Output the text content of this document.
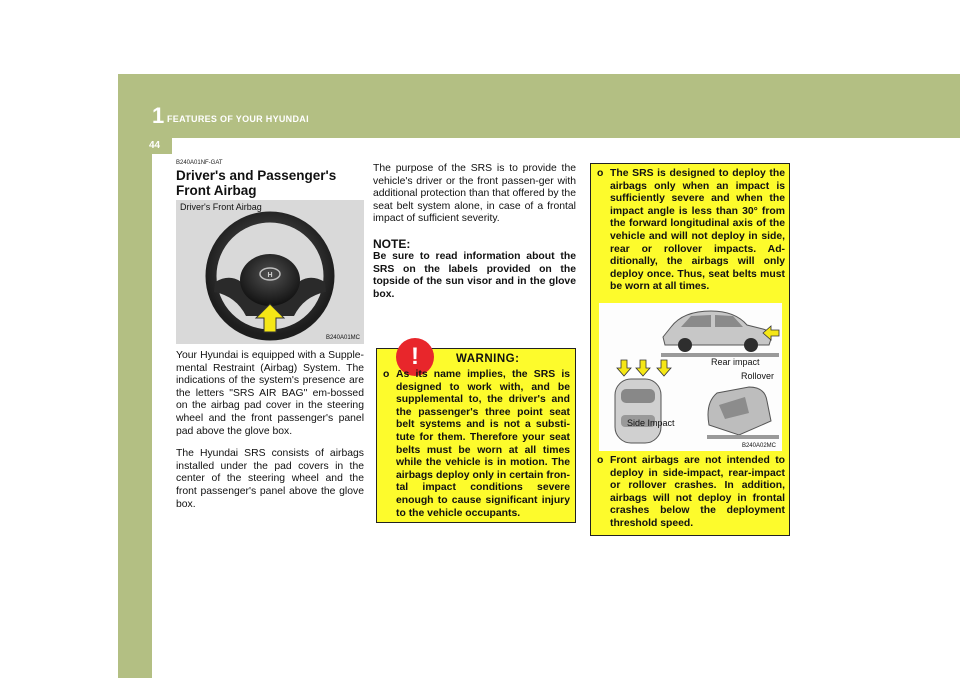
1 FEATURES OF YOUR HYUNDAI
44
B240A01NF-GAT
Driver's and Passenger's Front Airbag
Driver's Front Airbag
H
B240A01MC

Your Hyundai is equipped with a Supple-mental Restraint (Airbag) System. The indications of the system's presence are the letters "SRS AIR BAG" em-bossed on the airbag pad cover in the steering wheel and the front passenger's panel pad above the glove box.

The Hyundai SRS consists of airbags installed under the pad covers in the center of the steering wheel and the front passenger's panel above the glove box.

The purpose of the SRS is to provide the vehicle's driver or the front passen-ger with additional protection than that offered by the seat belt system alone, in case of a frontal impact of sufficient severity.

NOTE:

Be sure to read information about the SRS on the labels provided on the topside of the sun visor and in the glove box.

!	WARNING:
o As its name implies, the SRS is designed to work with, and be supplemental to, the driver's and the passenger's three point seat belt systems and is not a substi-tute for them. Therefore your seat belts must be worn at all times while the vehicle is in motion. The airbags deploy only in certain fron-tal impact conditions severe enough to cause significant injury to the vehicle occupants.
o The SRS is designed to deploy the airbags only when an impact is sufficiently severe and when the impact angle is less than 30° from the forward longitudinal axis of the vehicle and will not deploy in side, rear or rollover impacts. Ad-ditionally, the airbags will only deploy once. Thus, seat belts must be worn at all times.
Rear impact
Rollover
Side Impact
B240A02MC
o Front airbags are not intended to deploy in side-impact, rear-impact or rollover crashes. In addition, airbags will not deploy in frontal crashes below the deployment threshold speed.
